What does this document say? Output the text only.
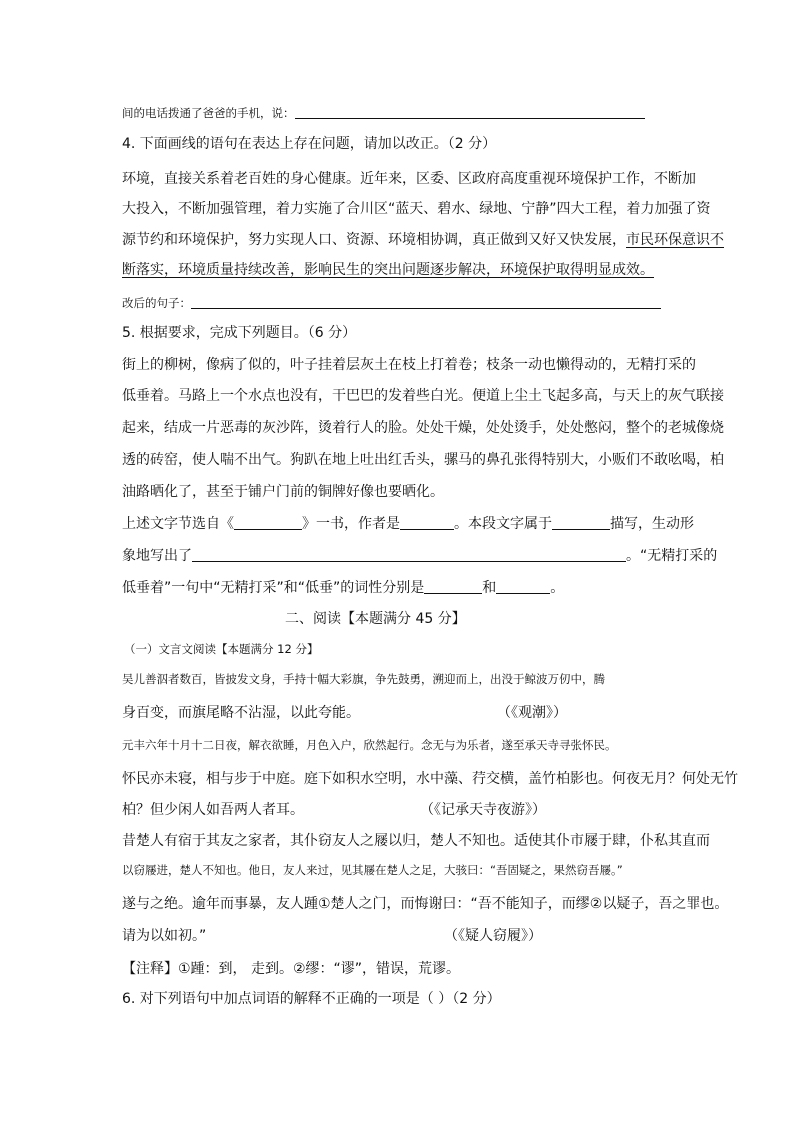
间的电话拨通了爸爸的手机，说：
4. 下面画线的语句在表达上存在问题，请加以改正。（2 分）
环境，直接关系着老百姓的身心健康。近年来，区委、区政府高度重视环境保护工作，不断加
大投入，不断加强管理，着力实施了合川区“蓝天、碧水、绿地、宁静”四大工程，着力加强了资
源节约和环境保护，努力实现人口、资源、环境相协调，真正做到又好又快发展，市民环保意识不
断落实，环境质量持续改善，影响民生的突出问题逐步解决，环境保护取得明显成效。
改后的句子：
5. 根据要求，完成下列题目。（6 分）
街上的柳树，像病了似的，叶子挂着层灰土在枝上打着卷；枝条一动也懒得动的，无精打采的
低垂着。马路上一个水点也没有，干巴巴的发着些白光。便道上尘土飞起多高，与天上的灰气联接
起来，结成一片恶毒的灰沙阵，烫着行人的脸。处处干燥，处处烫手，处处憋闷，整个的老城像烧
透的砖窑，使人喘不出气。狗趴在地上吐出红舌头，骡马的鼻孔张得特别大，小贩们不敢吆喝，柏
油路晒化了，甚至于铺户门前的铜牌好像也要晒化。
上述文字节选自《	》一书，作者是	。本段文字属于	描写，生动形
象地写出了	。“无精打采的
低垂着”一句中“无精打采”和“低垂”的词性分别是	和	。
二、阅读【本题满分 45 分】
（一）文言文阅读【本题满分 12 分】
吴儿善泅者数百，皆披发文身，手持十幅大彩旗，争先鼓勇，溯迎而上，出没于鲸波万仞中，腾
身百变，而旗尾略不沾湿，以此夸能。	（《观潮》）
元丰六年十月十二日夜，解衣欲睡，月色入户，欣然起行。念无与为乐者，遂至承天寺寻张怀民。
怀民亦未寝，相与步于中庭。庭下如积水空明，水中藻、荇交横，盖竹柏影也。何夜无月？何处无竹
柏？但少闲人如吾两人者耳。	（《记承天寺夜游》）
昔楚人有宿于其友之家者，其仆窃友人之屦以归，楚人不知也。适使其仆市屦于肆，仆私其直而
以窃屦进，楚人不知也。他日，友人来过，见其屦在楚人之足，大骇曰：“吾固疑之，果然窃吾屦。”
遂与之绝。逾年而事暴，友人踵①楚人之门，而悔谢曰：“吾不能知子，而缪②以疑子，吾之罪也。
请为以如初。”	（《疑人窃履》）
【注释】①踵：到， 走到。②缪：“谬”，错误，荒谬。
6. 对下列语句中加点词语的解释不正确的一项是（ ）（2 分）
